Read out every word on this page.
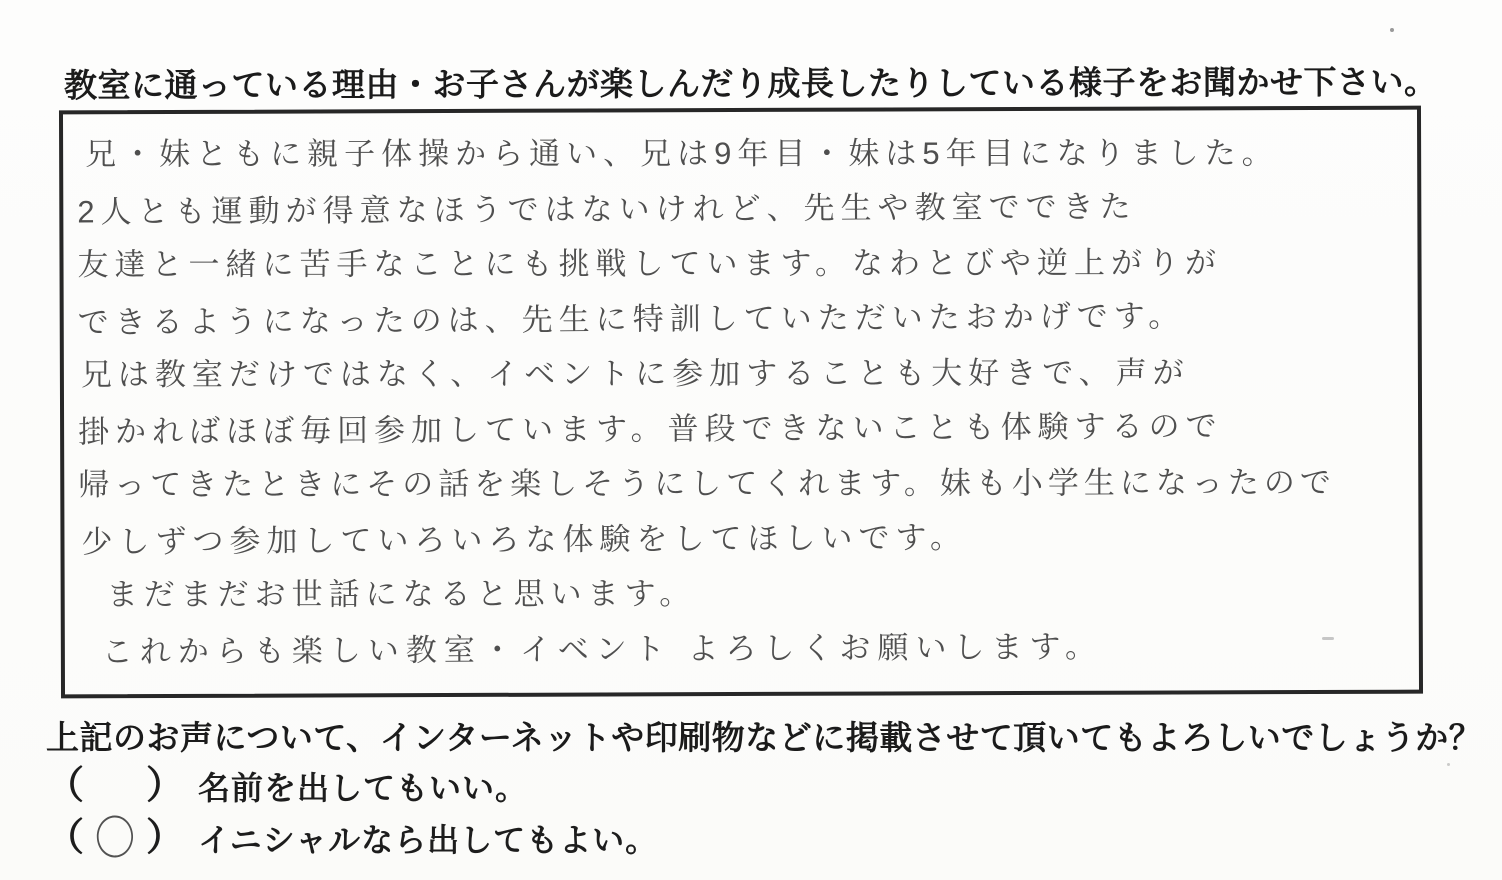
教室に通っている理由・お子さんが楽しんだり成長したりしている様子をお聞かせ下さい。

兄・妹ともに親子体操から通い、兄は9年目・妹は5年目になりました。

2人とも運動が得意なほうではないけれど、先生や教室でできた

友達と一緒に苦手なことにも挑戦しています。なわとびや逆上がりが

できるようになったのは、先生に特訓していただいたおかげです。

兄は教室だけではなく、イベントに参加することも大好きで、声が

掛かればほぼ毎回参加しています。普段できないことも体験するので

帰ってきたときにその話を楽しそうにしてくれます。妹も小学生になったので

少しずつ参加していろいろな体験をしてほしいです。

まだまだお世話になると思います。

これからも楽しい教室・イベント よろしくお願いします。

上記のお声について、インターネットや印刷物などに掲載させて頂いてもよろしいでしょうか？

（ ） 名前を出してもいい。
（ 〇 ） イニシャルなら出してもよい。
